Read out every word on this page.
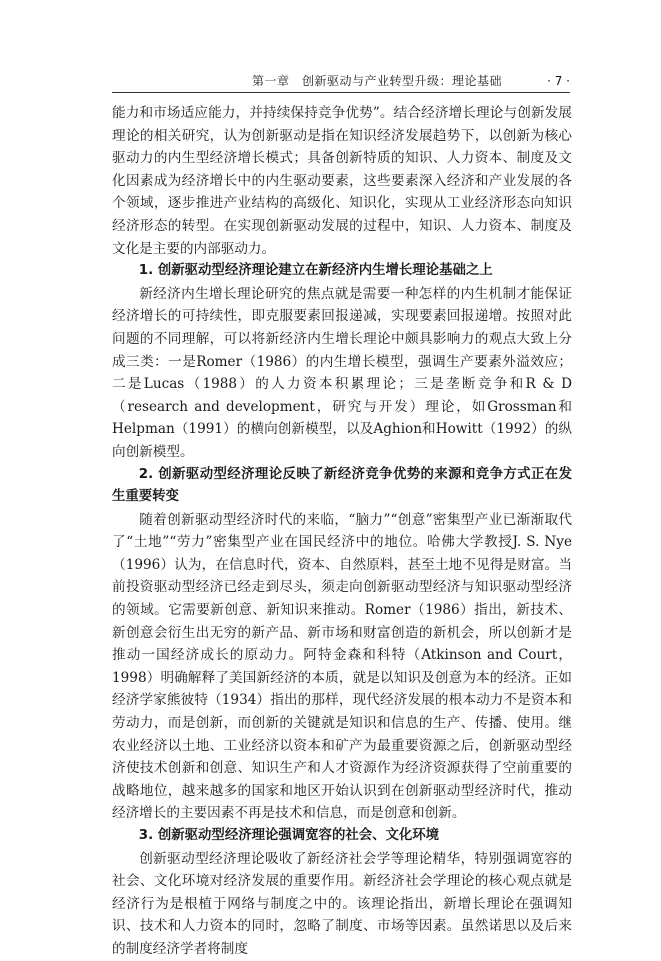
第一章　创新驱动与产业转型升级：理论基础	· 7 ·

能力和市场适应能力，并持续保持竞争优势”。结合经济增长理论与创新发展理论的相关研究，认为创新驱动是指在知识经济发展趋势下，以创新为核心驱动力的内生型经济增长模式；具备创新特质的知识、人力资本、制度及文化因素成为经济增长中的内生驱动要素，这些要素深入经济和产业发展的各个领域，逐步推进产业结构的高级化、知识化，实现从工业经济形态向知识经济形态的转型。在实现创新驱动发展的过程中，知识、人力资本、制度及文化是主要的内部驱动力。

1. 创新驱动型经济理论建立在新经济内生增长理论基础之上

新经济内生增长理论研究的焦点就是需要一种怎样的内生机制才能保证经济增长的可持续性，即克服要素回报递减，实现要素回报递增。按照对此问题的不同理解，可以将新经济内生增长理论中颇具影响力的观点大致上分成三类：一是Romer（1986）的内生增长模型，强调生产要素外溢效应；二是Lucas（1988）的人力资本积累理论；三是垄断竞争和R & D（research and development，研究与开发）理论，如Grossman和Helpman（1991）的横向创新模型，以及Aghion和Howitt（1992）的纵向创新模型。

2. 创新驱动型经济理论反映了新经济竞争优势的来源和竞争方式正在发生重要转变

随着创新驱动型经济时代的来临，“脑力”“创意”密集型产业已渐渐取代了“土地”“劳力”密集型产业在国民经济中的地位。哈佛大学教授J. S. Nye（1996）认为，在信息时代，资本、自然原料，甚至土地不见得是财富。当前投资驱动型经济已经走到尽头，须走向创新驱动型经济与知识驱动型经济的领域。它需要新创意、新知识来推动。Romer（1986）指出，新技术、新创意会衍生出无穷的新产品、新市场和财富创造的新机会，所以创新才是推动一国经济成长的原动力。阿特金森和科特（Atkinson and Court，1998）明确解释了美国新经济的本质，就是以知识及创意为本的经济。正如经济学家熊彼特（1934）指出的那样，现代经济发展的根本动力不是资本和劳动力，而是创新，而创新的关键就是知识和信息的生产、传播、使用。继农业经济以土地、工业经济以资本和矿产为最重要资源之后，创新驱动型经济使技术创新和创意、知识生产和人才资源作为经济资源获得了空前重要的战略地位，越来越多的国家和地区开始认识到在创新驱动型经济时代，推动经济增长的主要因素不再是技术和信息，而是创意和创新。

3. 创新驱动型经济理论强调宽容的社会、文化环境

创新驱动型经济理论吸收了新经济社会学等理论精华，特别强调宽容的社会、文化环境对经济发展的重要作用。新经济社会学理论的核心观点就是经济行为是根植于网络与制度之中的。该理论指出，新增长理论在强调知识、技术和人力资本的同时，忽略了制度、市场等因素。虽然诺思以及后来的制度经济学者将制度
